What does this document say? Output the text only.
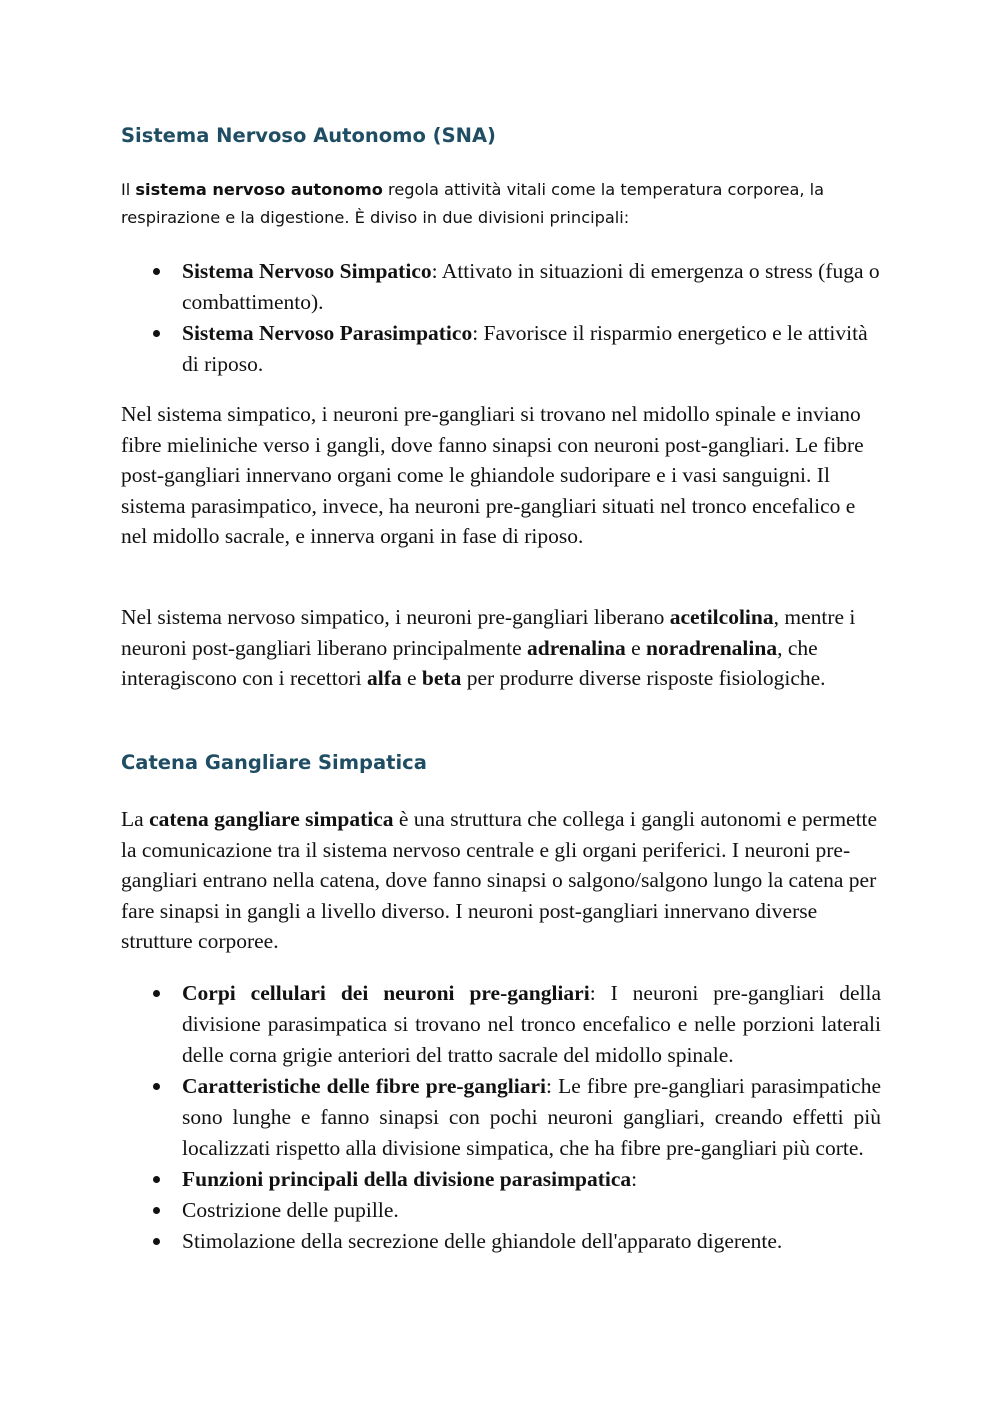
Sistema Nervoso Autonomo (SNA)

Il sistema nervoso autonomo regola attività vitali come la temperatura corporea, la respirazione e la digestione. È diviso in due divisioni principali:

Sistema Nervoso Simpatico: Attivato in situazioni di emergenza o stress (fuga o combattimento).
Sistema Nervoso Parasimpatico: Favorisce il risparmio energetico e le attività di riposo.

Nel sistema simpatico, i neuroni pre-gangliari si trovano nel midollo spinale e inviano fibre mieliniche verso i gangli, dove fanno sinapsi con neuroni post-gangliari. Le fibre post-gangliari innervano organi come le ghiandole sudoripare e i vasi sanguigni. Il sistema parasimpatico, invece, ha neuroni pre-gangliari situati nel tronco encefalico e nel midollo sacrale, e innerva organi in fase di riposo.

Nel sistema nervoso simpatico, i neuroni pre-gangliari liberano acetilcolina, mentre i neuroni post-gangliari liberano principalmente adrenalina e noradrenalina, che interagiscono con i recettori alfa e beta per produrre diverse risposte fisiologiche.

Catena Gangliare Simpatica

La catena gangliare simpatica è una struttura che collega i gangli autonomi e permette la comunicazione tra il sistema nervoso centrale e gli organi periferici. I neuroni pre-gangliari entrano nella catena, dove fanno sinapsi o salgono/salgono lungo la catena per fare sinapsi in gangli a livello diverso. I neuroni post-gangliari innervano diverse strutture corporee.

Corpi cellulari dei neuroni pre-gangliari: I neuroni pre-gangliari della divisione parasimpatica si trovano nel tronco encefalico e nelle porzioni laterali delle corna grigie anteriori del tratto sacrale del midollo spinale.
Caratteristiche delle fibre pre-gangliari: Le fibre pre-gangliari parasimpatiche sono lunghe e fanno sinapsi con pochi neuroni gangliari, creando effetti più localizzati rispetto alla divisione simpatica, che ha fibre pre-gangliari più corte.
Funzioni principali della divisione parasimpatica:
Costrizione delle pupille.
Stimolazione della secrezione delle ghiandole dell'apparato digerente.
